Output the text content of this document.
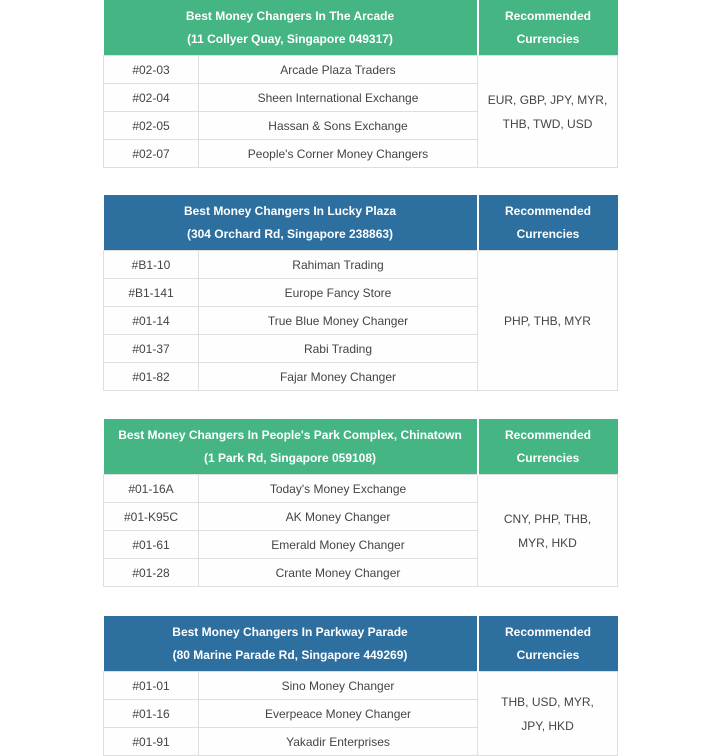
Best Money Changers In The Arcade
(11 Collyer Quay, Singapore 049317)		Recommended Currencies
#02-03	Arcade Plaza Traders	EUR, GBP, JPY, MYR,
THB, TWD, USD

#02-04	Sheen International Exchange	
#02-05	Hassan & Sons Exchange	
#02-07	People's Corner Money Changers	
Best Money Changers In Lucky Plaza
(304 Orchard Rd, Singapore 238863)		Recommended Currencies
#B1-10	Rahiman Trading	PHP, THB, MYR

#B1-141	Europe Fancy Store	
#01-14	True Blue Money Changer	
#01-37	Rabi Trading	
#01-82	Fajar Money Changer	
Best Money Changers In People's Park Complex, Chinatown
(1 Park Rd, Singapore 059108)		Recommended Currencies
#01-16A	Today's Money Exchange	CNY, PHP, THB,
MYR, HKD

#01-K95C	AK Money Changer	
#01-61	Emerald Money Changer	
#01-28	Crante Money Changer	
Best Money Changers In Parkway Parade
(80 Marine Parade Rd, Singapore 449269)		Recommended Currencies
#01-01	Sino Money Changer	THB, USD, MYR,
JPY, HKD

#01-16	Everpeace Money Changer	
#01-91	Yakadir Enterprises	
